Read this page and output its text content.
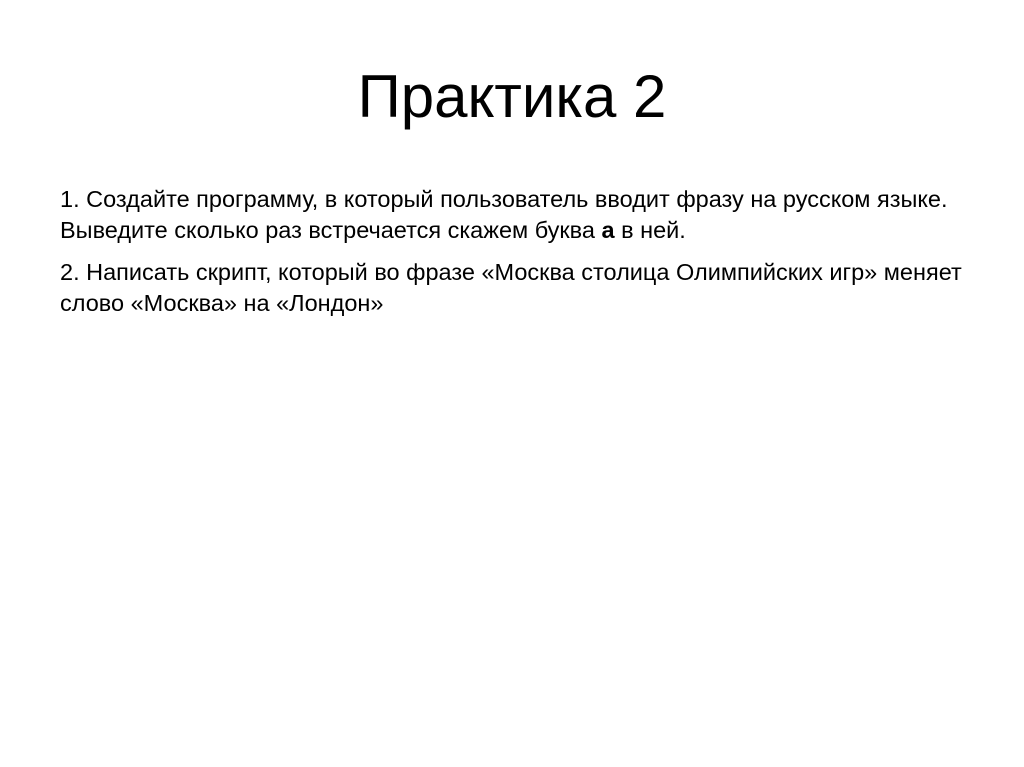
Практика 2
1. Создайте программу, в который пользователь вводит фразу на русском языке. Выведите сколько раз встречается скажем буква а в ней.
2. Написать скрипт, который во фразе «Москва столица Олимпийских игр» меняет слово «Москва» на «Лондон»
